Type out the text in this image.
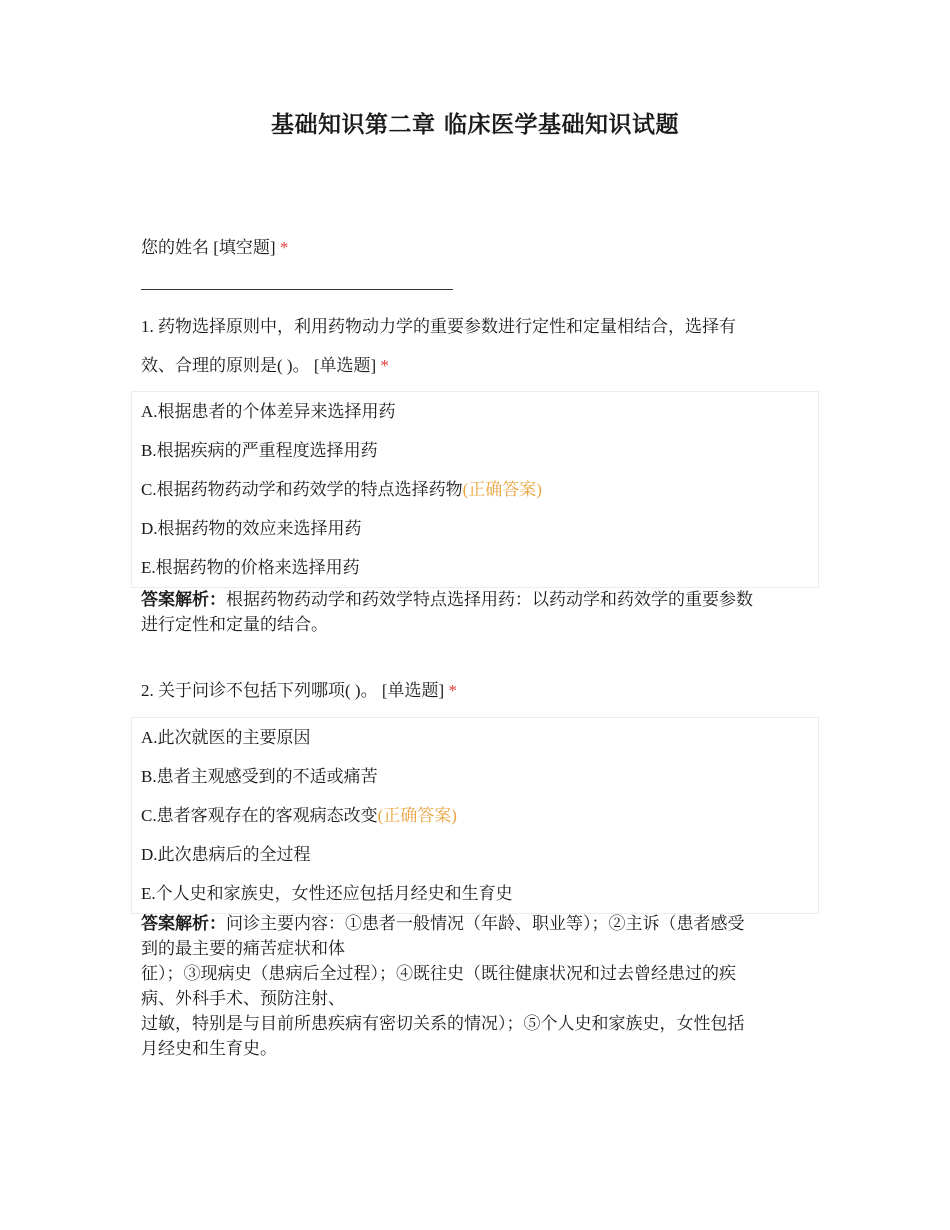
基础知识第二章 临床医学基础知识试题
您的姓名 [填空题] *
1. 药物选择原则中，利用药物动力学的重要参数进行定性和定量相结合，选择有
效、合理的原则是( )。 [单选题] *
A.根据患者的个体差异来选择用药
B.根据疾病的严重程度选择用药
C.根据药物药动学和药效学的特点选择药物(正确答案)
D.根据药物的效应来选择用药
E.根据药物的价格来选择用药
答案解析：根据药物药动学和药效学特点选择用药：以药动学和药效学的重要参数
进行定性和定量的结合。
2. 关于问诊不包括下列哪项( )。 [单选题] *
A.此次就医的主要原因
B.患者主观感受到的不适或痛苦
C.患者客观存在的客观病态改变(正确答案)
D.此次患病后的全过程
E.个人史和家族史，女性还应包括月经史和生育史
答案解析：问诊主要内容：①患者一般情况（年龄、职业等）；②主诉（患者感受
到的最主要的痛苦症状和体
征）；③现病史（患病后全过程）；④既往史（既往健康状况和过去曾经患过的疾
病、外科手术、预防注射、
过敏，特别是与目前所患疾病有密切关系的情况）；⑤个人史和家族史，女性包括
月经史和生育史。
